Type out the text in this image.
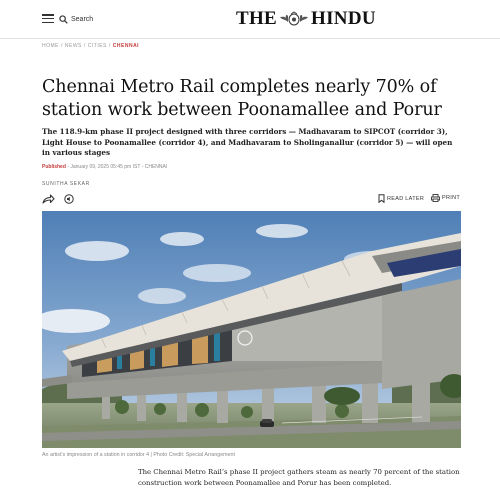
Search	THE HINDU
HOME / NEWS / CITIES / CHENNAI
Chennai Metro Rail completes nearly 70% of station work between Poonamallee and Porur

The 118.9-km phase II project designed with three corridors — Madhavaram to SIPCOT (corridor 3), Light House to Poonamallee (corridor 4), and Madhavaram to Sholinganallur (corridor 5) — will open in various stages

Published - January 09, 2025 05:45 pm IST - CHENNAI
SUNITHA SEKAR
READ LATER	PRINT
An artist’s impression of a station in corridor 4 | Photo Credit: Special Arrangement

The Chennai Metro Rail’s phase II project gathers steam as nearly 70 percent of the station construction work between Poonamallee and Porur has been completed.
